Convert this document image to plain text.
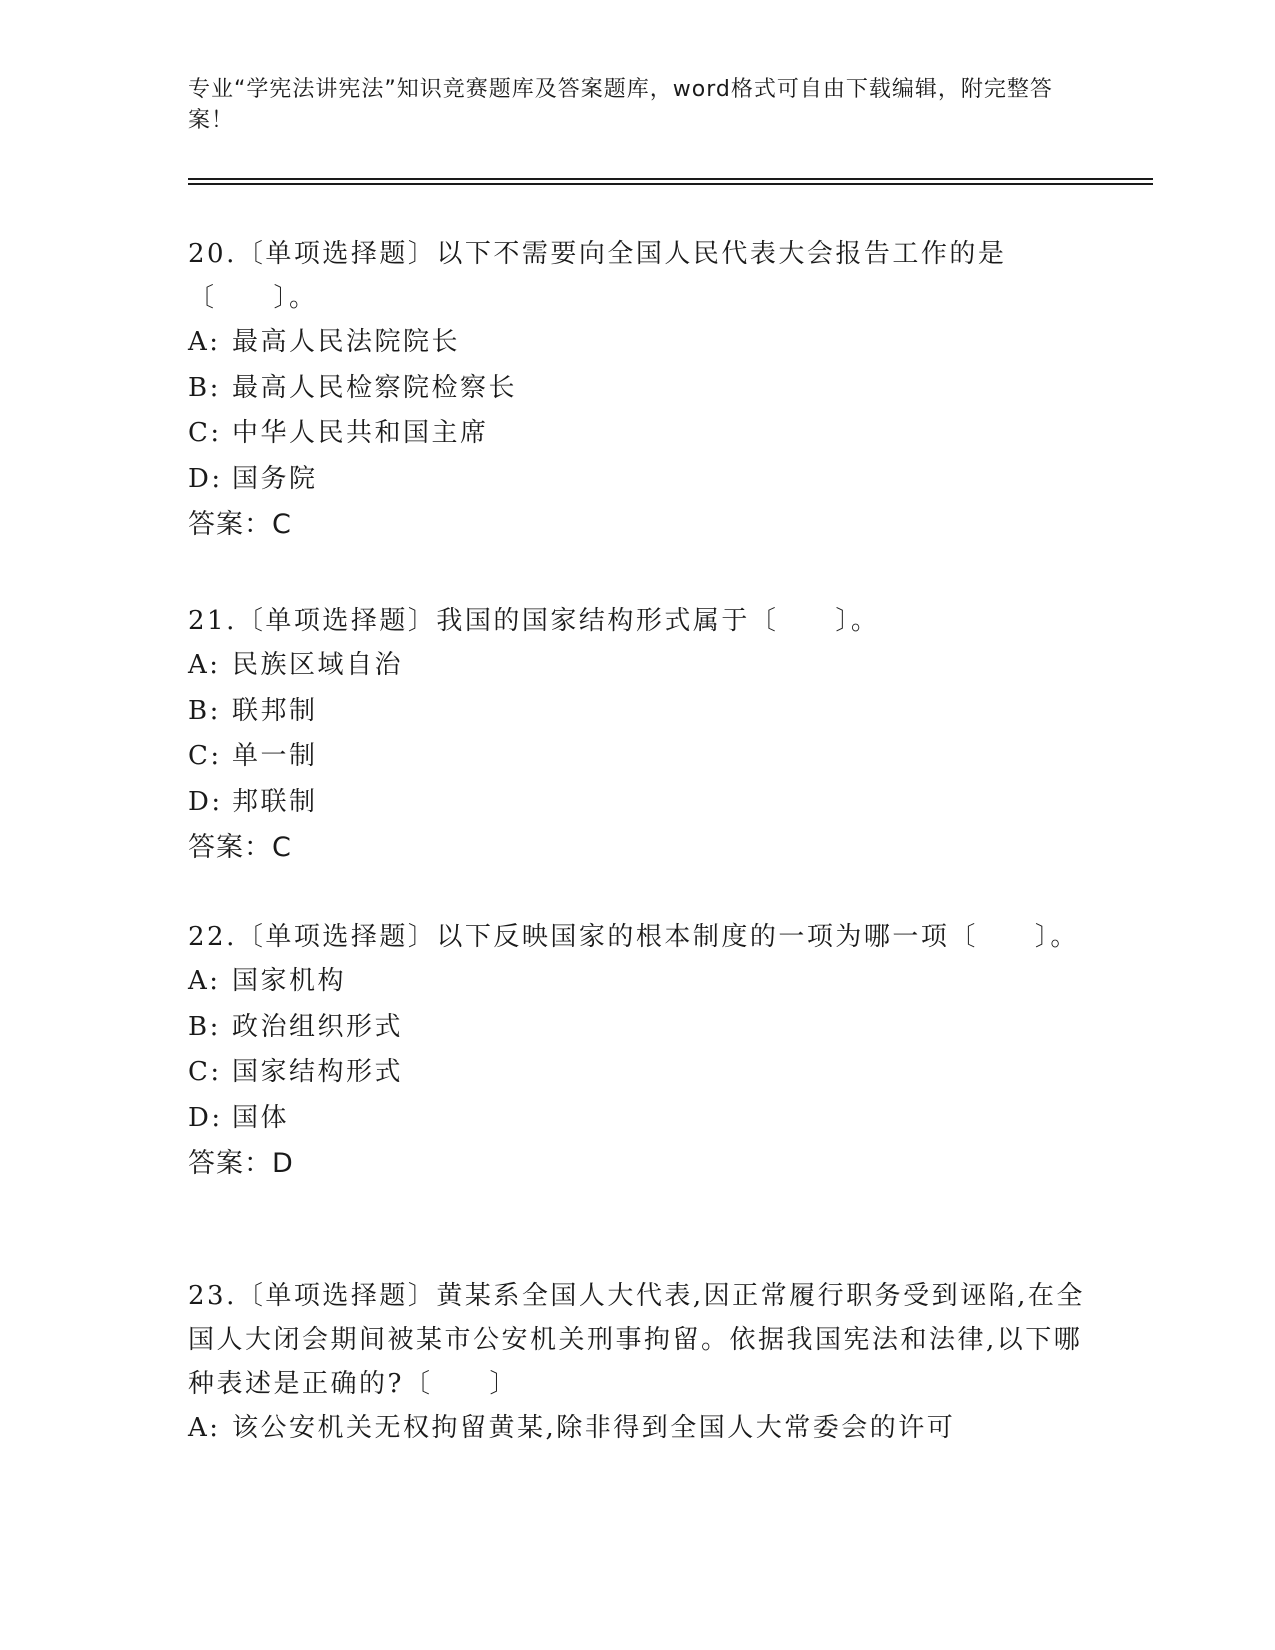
专业“学宪法讲宪法”知识竞赛题库及答案题库，word格式可自由下载编辑，附完整答案！
20.〔单项选择题〕以下不需要向全国人民代表大会报告工作的是〔　　〕。
A: 最高人民法院院长
B: 最高人民检察院检察长
C: 中华人民共和国主席
D: 国务院
答案：C
21.〔单项选择题〕我国的国家结构形式属于〔　　〕。
A: 民族区域自治
B: 联邦制
C: 单一制
D: 邦联制
答案：C
22.〔单项选择题〕以下反映国家的根本制度的一项为哪一项〔　　〕。
A: 国家机构
B: 政治组织形式
C: 国家结构形式
D: 国体
答案：D
23.〔单项选择题〕黄某系全国人大代表,因正常履行职务受到诬陷,在全国人大闭会期间被某市公安机关刑事拘留。依据我国宪法和法律,以下哪种表述是正确的?〔　　〕
A: 该公安机关无权拘留黄某,除非得到全国人大常委会的许可
